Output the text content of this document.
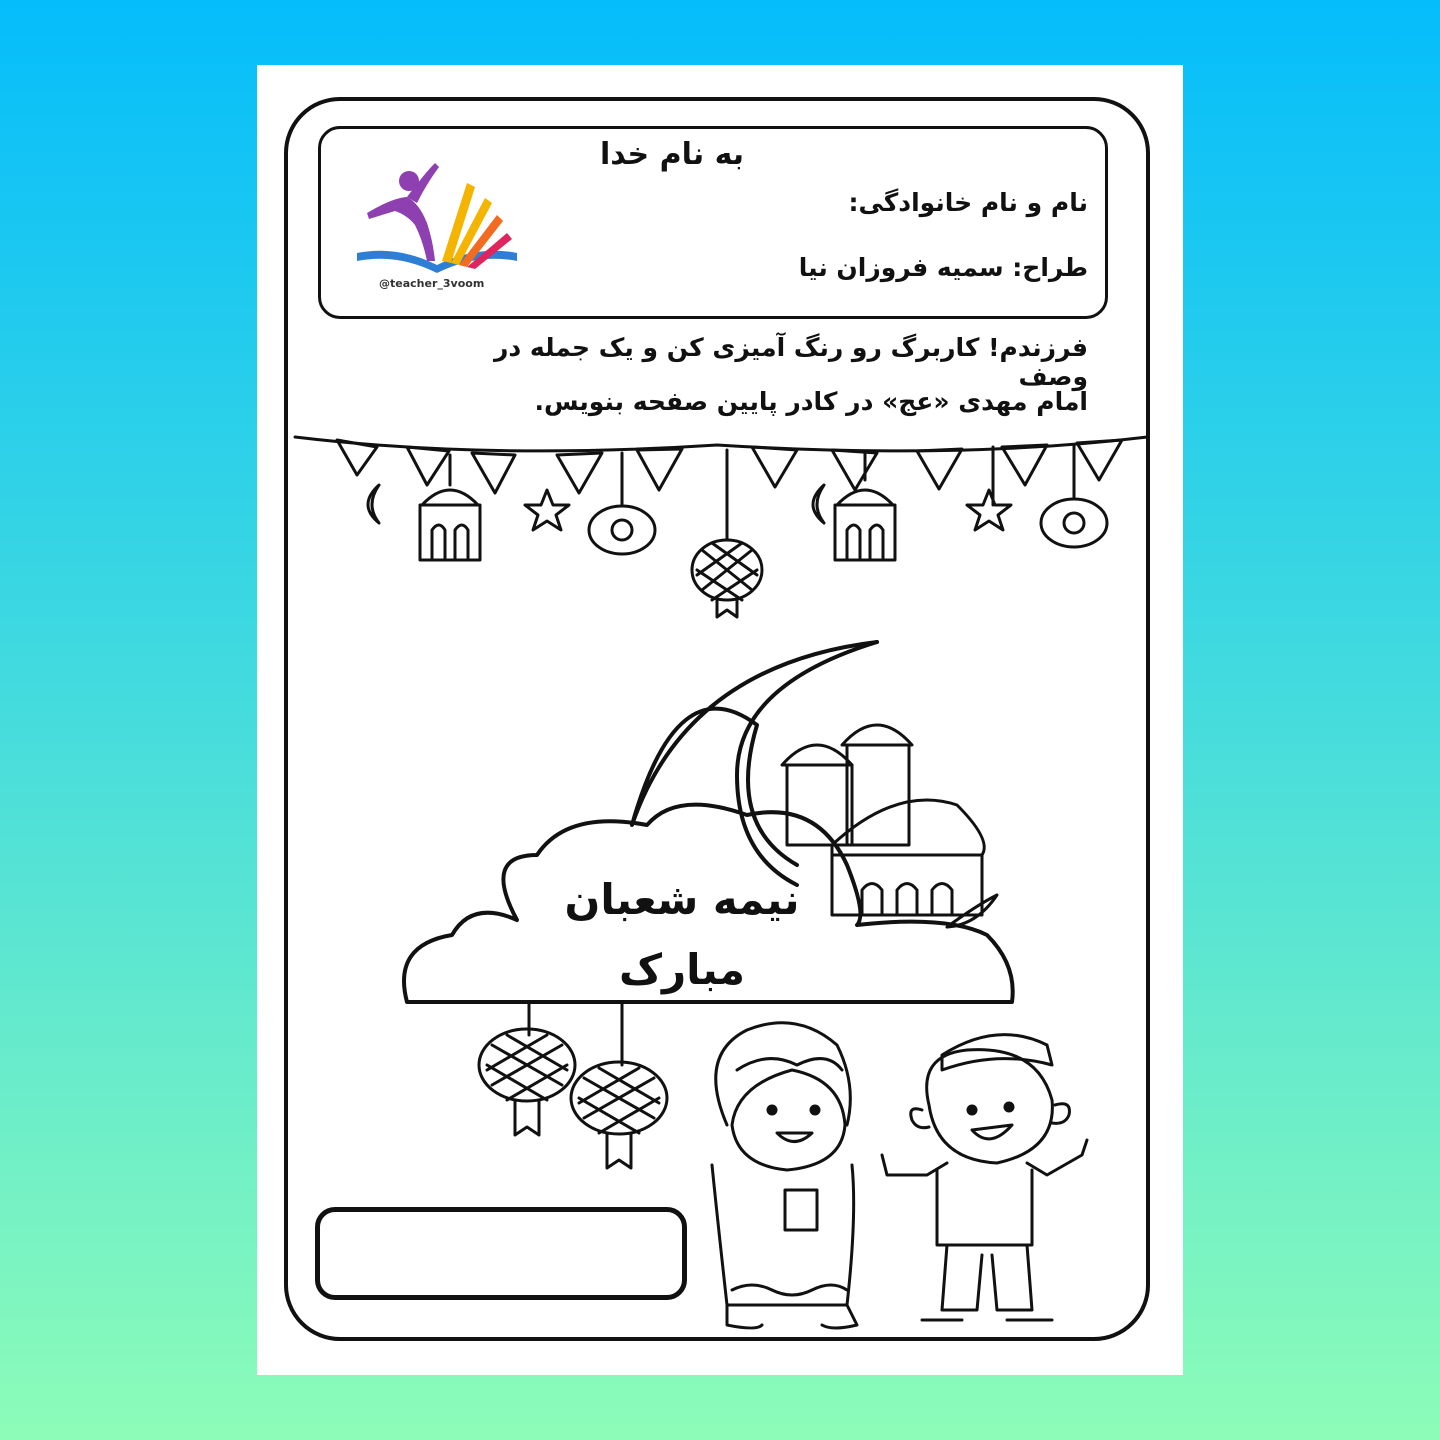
@teacher_3voom
به نام خدا
نام و نام خانوادگی:
طراح: سمیه فروزان نیا
فرزندم! کاربرگ رو رنگ آمیزی کن و یک جمله در وصف
امام مهدی «عج» در کادر پایین صفحه بنویس.
نیمه شعبان
مبارک
